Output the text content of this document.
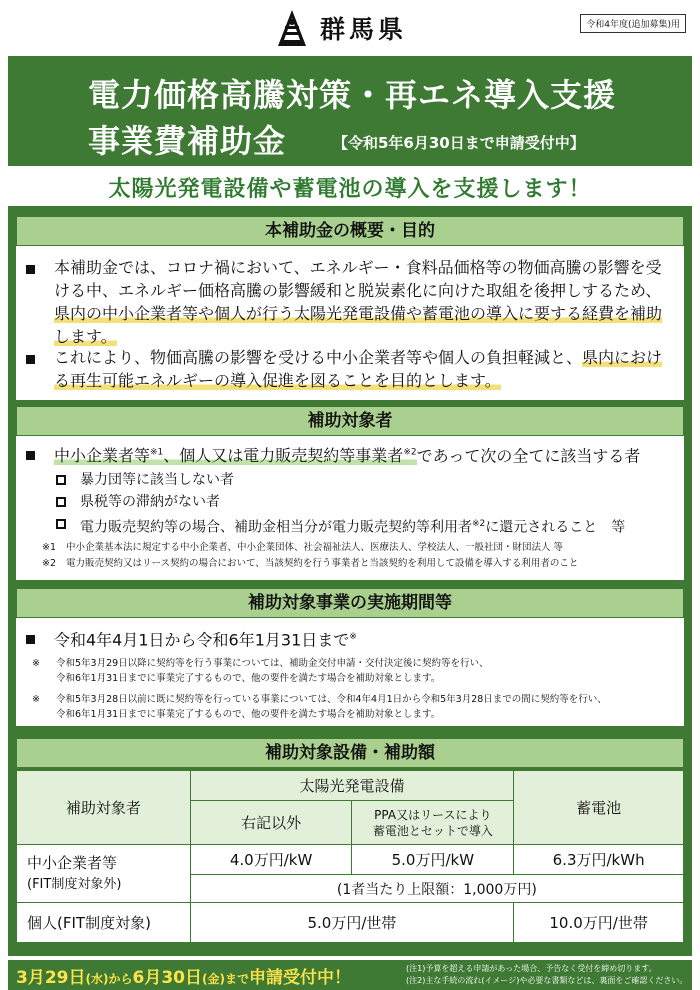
群馬県	令和4年度(追加募集)用
電力価格高騰対策・再エネ導入支援
事業費補助金	【令和5年6月30日まで申請受付中】
太陽光発電設備や蓄電池の導入を支援します！
本補助金の概要・目的
本補助金では、コロナ禍において、エネルギー・食料品価格等の物価高騰の影響を受ける中、エネルギー価格高騰の影響緩和と脱炭素化に向けた取組を後押しするため、県内の中小企業者等や個人が行う太陽光発電設備や蓄電池の導入に要する経費を補助します。
これにより、物価高騰の影響を受ける中小企業者等や個人の負担軽減と、県内における再生可能エネルギーの導入促進を図ることを目的とします。
補助対象者
中小企業者等$^{※1}$、個人又は電力販売契約等事業者$^{※2}$であって次の全てに該当する者
暴力団等に該当しない者
県税等の滞納がない者
電力販売契約等の場合、補助金相当分が電力販売契約等利用者$^{※2}$に還元されること　等
※1	中小企業基本法に規定する中小企業者、中小企業団体、社会福祉法人、医療法人、学校法人、一般社団・財団法人 等
※2	電力販売契約又はリース契約の場合において、当該契約を行う事業者と当該契約を利用して設備を導入する利用者のこと
補助対象事業の実施期間等
令和4年4月1日から令和6年1月31日まで※
※	令和5年3月29日以降に契約等を行う事業については、補助金交付申請・交付決定後に契約等を行い、
令和6年1月31日までに事業完了するもので、他の要件を満たす場合を補助対象とします。
※	令和5年3月28日以前に既に契約等を行っている事業については、令和4年4月1日から令和5年3月28日までの間に契約等を行い、
令和6年1月31日までに事業完了するもので、他の要件を満たす場合を補助対象とします。
補助対象設備・補助額
補助対象者	太陽光発電設備		蓄電池
	右記以外	PPA又はリースにより
蓄電池とセットで導入	
中小企業者等
(FIT制度対象外)	4.0万円/kW	5.0万円/kW	6.3万円/kWh
	(1者当たり上限額：1,000万円)		
個人(FIT制度対象)	5.0万円/世帯		10.0万円/世帯
3月29日(水)から6月30日(金)まで申請受付中！	(注1)予算を超える申請があった場合、予告なく受付を締め切ります。
(注2)主な手続の流れ(イメージ)や必要な書類などは、裏面をご確認ください。
